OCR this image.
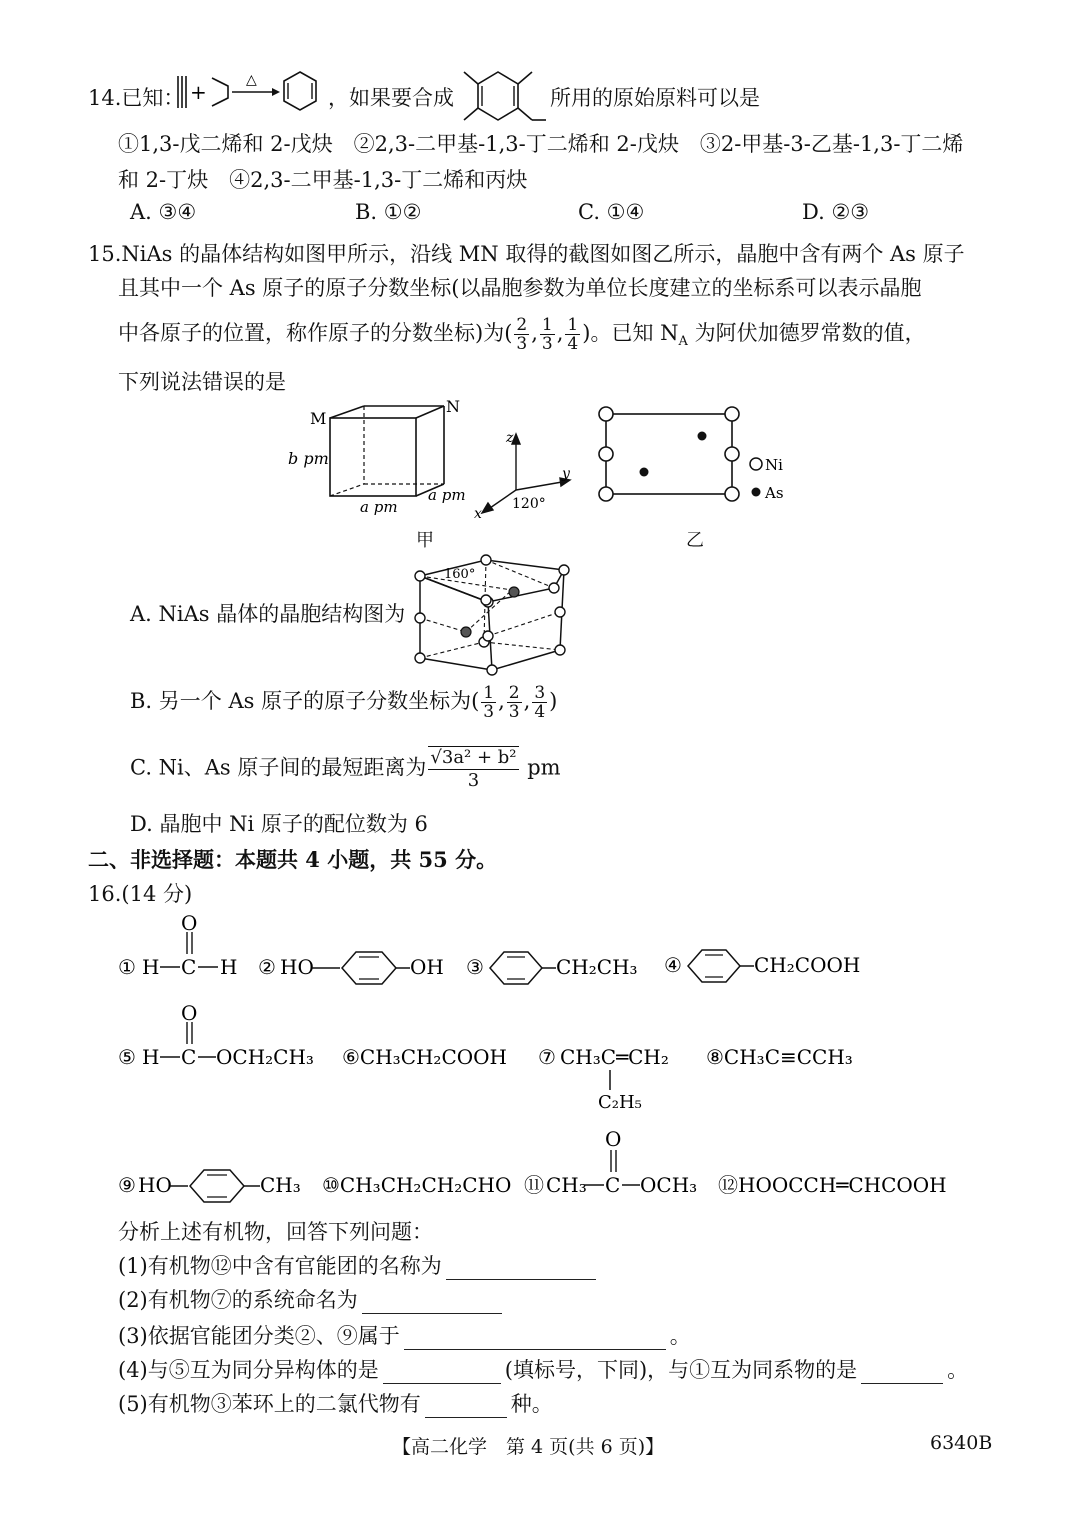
14.已知： +	△
，如果要合成	所用的原始原料可以是
①1,3-戊二烯和 2-戊炔　②2,3-二甲基-1,3-丁二烯和 2-戊炔　③2-甲基-3-乙基-1,3-丁二烯
和 2-丁炔　④2,3-二甲基-1,3-丁二烯和丙炔
A. ③④	B. ①②	C. ①④	D. ②③
15.NiAs 的晶体结构如图甲所示，沿线 MN 取得的截图如图乙所示，晶胞中含有两个 As 原子
且其中一个 As 原子的原子分数坐标(以晶胞参数为单位长度建立的坐标系可以表示晶胞
中各原子的位置，称作原子的分数坐标)为( $\frac{2}{3}$ , $\frac{1}{3}$ , $\frac{1}{4}$ )。已知 $N_A$ 为阿伏加德罗常数的值，
下列说法错误的是
M
N
b pm
a pm
a pm
z
y
x
120°
甲
Ni
As
乙
A. NiAs 晶体的晶胞结构图为
160°
B. 另一个 As 原子的原子分数坐标为( $\frac{1}{3}$ , $\frac{2}{3}$ , $\frac{3}{4}$ )
C. Ni、As 原子间的最短距离为 $\frac{\text{√3a² + b²}}{3}$ pm
D. 晶胞中 Ni 原子的配位数为 6
二、非选择题：本题共 4 小题，共 55 分。
16.(14 分)
① H C H
O
② HO	OH ③	CH₂CH₃ ④	CH₂COOH
⑤ H C OCH₂CH₃
O
⑥CH₃CH₂COOH ⑦ CH₃C═CH₂
C₂H₅
⑧CH₃C≡CCH₃
⑨ HO	CH₃ ⑩CH₃CH₂CH₂CHO ⑪ CH₃ C OCH₃
O
⑫HOOCCH═CHCOOH
分析上述有机物，回答下列问题：
(1)有机物⑫中含有官能团的名称为
(2)有机物⑦的系统命名为
(3)依据官能团分类②、⑨属于	。
(4)与⑤互为同分异构体的是	(填标号，下同)，与①互为同系物的是	。
(5)有机物③苯环上的二氯代物有	种。
【高二化学　第 4 页(共 6 页)】	6340B
